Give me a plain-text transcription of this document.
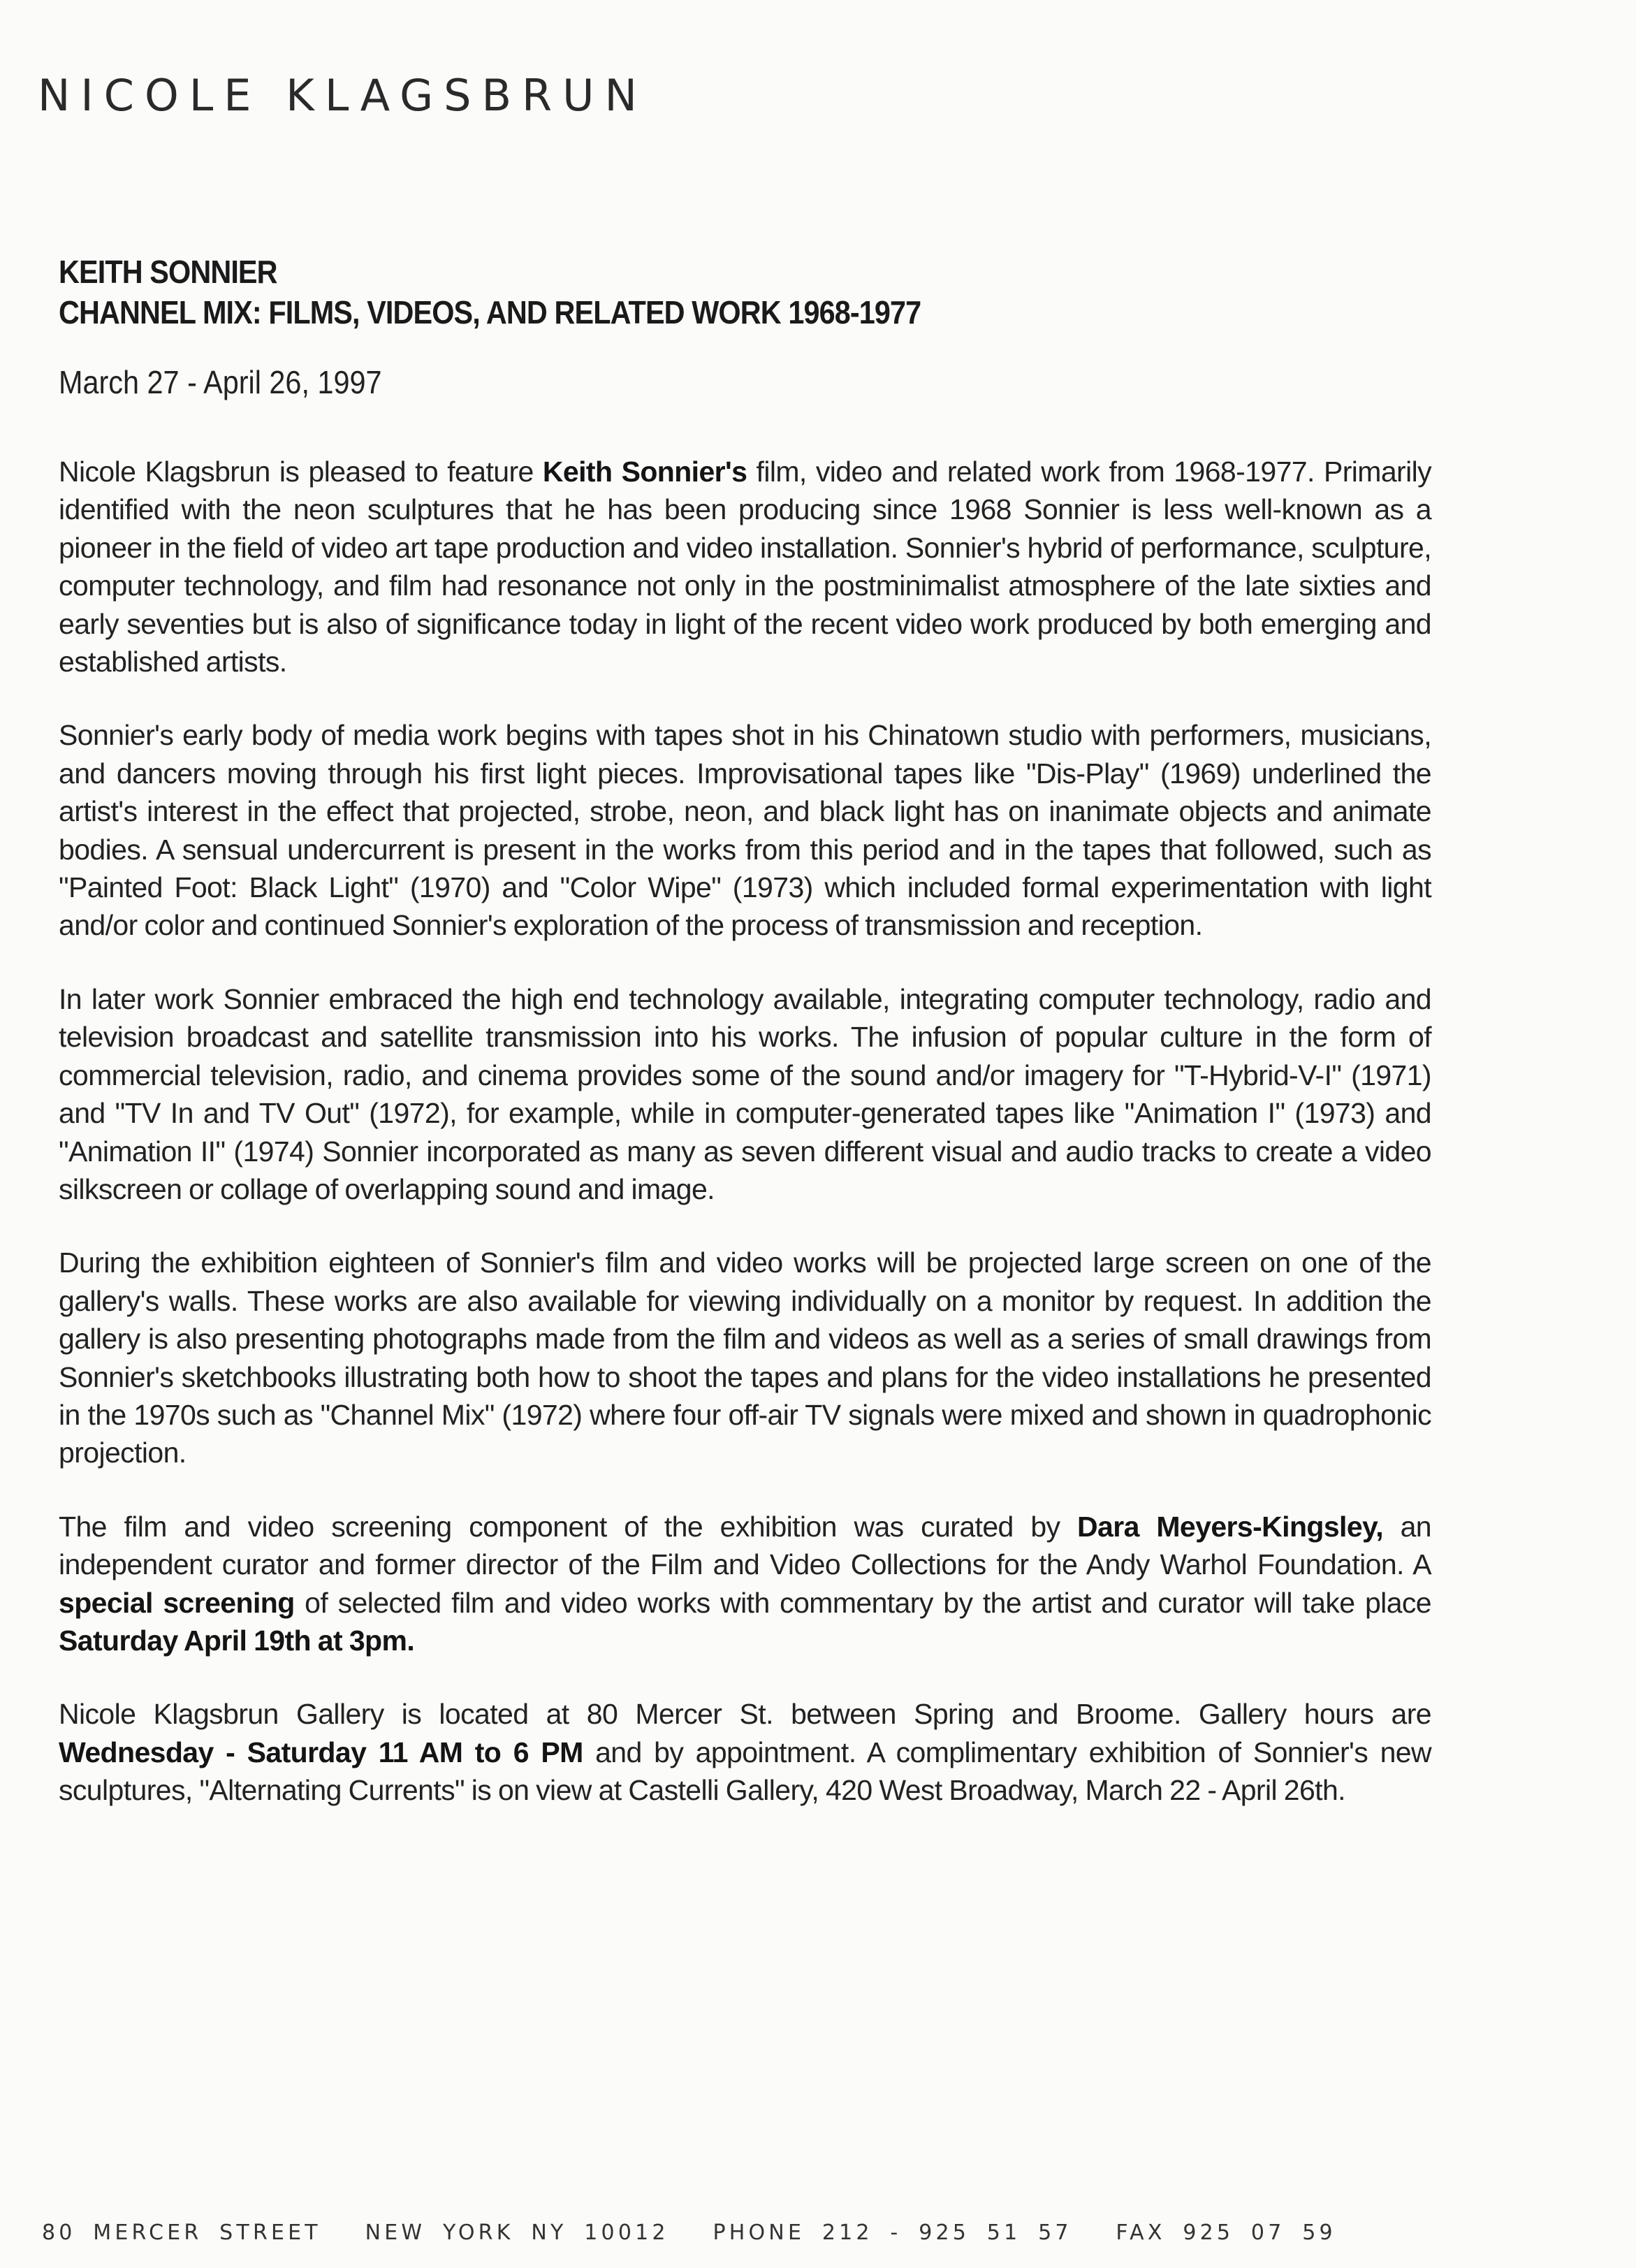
NICOLE KLAGSBRUN
KEITH SONNIER
CHANNEL MIX: FILMS, VIDEOS, AND RELATED WORK 1968-1977
March 27 - April 26, 1997

Nicole Klagsbrun is pleased to feature Keith Sonnier's film, video and related work from 1968-1977. Primarily identified with the neon sculptures that he has been producing since 1968 Sonnier is less well-known as a pioneer in the field of video art tape production and video installation. Sonnier's hybrid of performance, sculpture, computer technology, and film had resonance not only in the postminimalist atmosphere of the late sixties and early seventies but is also of significance today in light of the recent video work produced by both emerging and established artists.

Sonnier's early body of media work begins with tapes shot in his Chinatown studio with performers, musicians, and dancers moving through his first light pieces. Improvisational tapes like "Dis-Play" (1969) underlined the artist's interest in the effect that projected, strobe, neon, and black light has on inanimate objects and animate bodies. A sensual undercurrent is present in the works from this period and in the tapes that followed, such as "Painted Foot: Black Light" (1970) and "Color Wipe" (1973) which included formal experimentation with light and/or color and continued Sonnier's exploration of the process of transmission and reception.

In later work Sonnier embraced the high end technology available, integrating computer technology, radio and television broadcast and satellite transmission into his works. The infusion of popular culture in the form of commercial television, radio, and cinema provides some of the sound and/or imagery for "T-Hybrid-V-I" (1971) and "TV In and TV Out" (1972), for example, while in computer-generated tapes like "Animation I" (1973) and "Animation II" (1974) Sonnier incorporated as many as seven different visual and audio tracks to create a video silkscreen or collage of overlapping sound and image.

During the exhibition eighteen of Sonnier's film and video works will be projected large screen on one of the gallery's walls. These works are also available for viewing individually on a monitor by request. In addition the gallery is also presenting photographs made from the film and videos as well as a series of small drawings from Sonnier's sketchbooks illustrating both how to shoot the tapes and plans for the video installations he presented in the 1970s such as "Channel Mix" (1972) where four off-air TV signals were mixed and shown in quadrophonic projection.

The film and video screening component of the exhibition was curated by Dara Meyers-Kingsley, an independent curator and former director of the Film and Video Collections for the Andy Warhol Foundation. A special screening of selected film and video works with commentary by the artist and curator will take place Saturday April 19th at 3pm.

Nicole Klagsbrun Gallery is located at 80 Mercer St. between Spring and Broome. Gallery hours are Wednesday - Saturday 11 AM to 6 PM and by appointment. A complimentary exhibition of Sonnier's new sculptures, "Alternating Currents" is on view at Castelli Gallery, 420 West Broadway, March 22 - April 26th.

80 MERCER STREET NEW YORK NY 10012 PHONE 212 - 925 51 57 FAX 925 07 59
